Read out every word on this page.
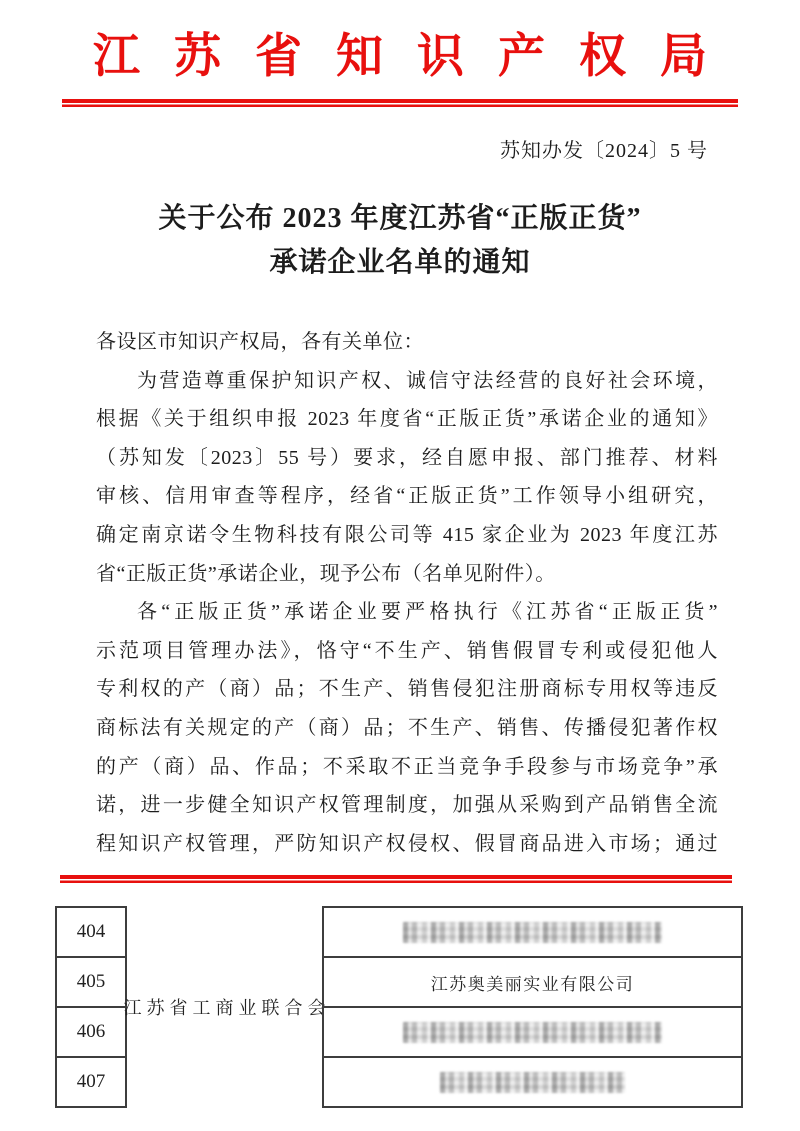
江苏省知识产权局
苏知办发〔2024〕5 号
关于公布 2023 年度江苏省“正版正货”
承诺企业名单的通知
各设区市知识产权局，各有关单位：
为营造尊重保护知识产权、诚信守法经营的良好社会环境，
根据《关于组织申报 2023 年度省“正版正货”承诺企业的通知》
（苏知发〔2023〕55 号）要求，经自愿申报、部门推荐、材料
审核、信用审查等程序，经省“正版正货”工作领导小组研究，
确定南京诺令生物科技有限公司等 415 家企业为 2023 年度江苏
省“正版正货”承诺企业，现予公布（名单见附件）。
各“正版正货”承诺企业要严格执行《江苏省“正版正货”
示范项目管理办法》，恪守“不生产、销售假冒专利或侵犯他人
专利权的产（商）品；不生产、销售侵犯注册商标专用权等违反
商标法有关规定的产（商）品；不生产、销售、传播侵犯著作权
的产（商）品、作品；不采取不正当竞争手段参与市场竞争”承
诺，进一步健全知识产权管理制度，加强从采购到产品销售全流
程知识产权管理，严防知识产权侵权、假冒商品进入市场；通过
404
405
406
407
江苏省工商业联合会
江苏奥美丽实业有限公司
